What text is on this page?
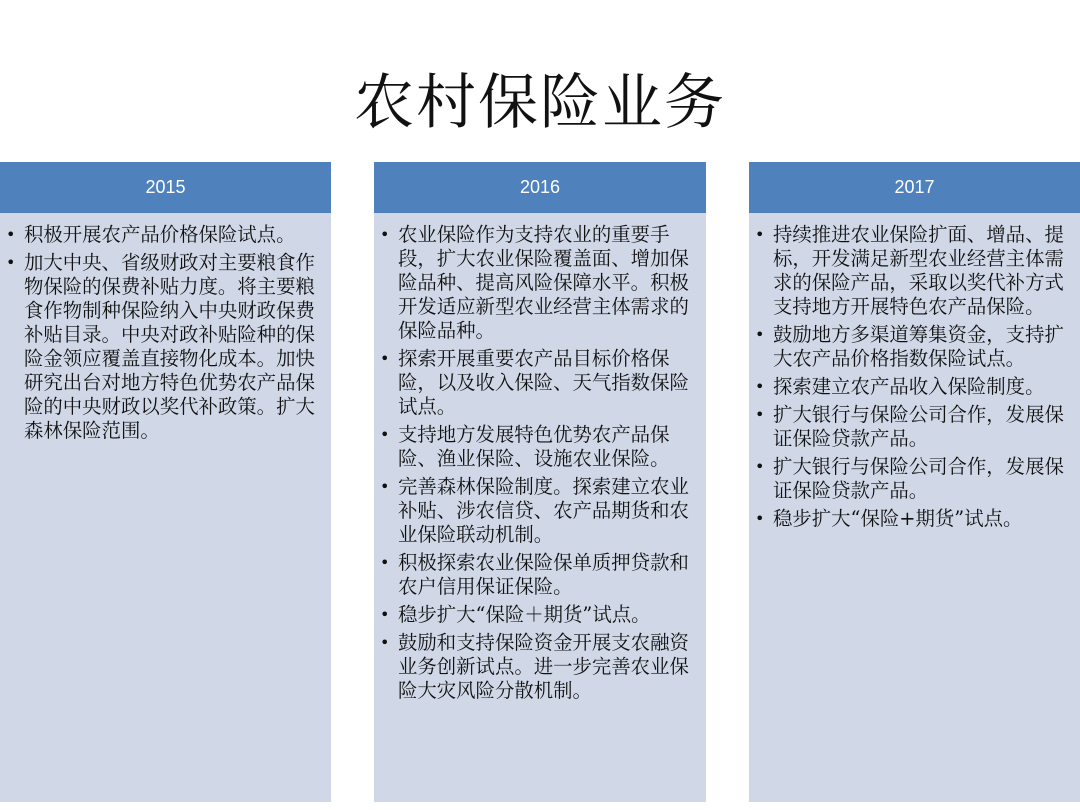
农村保险业务
2015
• 积极开展农产品价格保险试点。
• 加大中央、省级财政对主要粮食作物保险的保费补贴力度。将主要粮食作物制种保险纳入中央财政保费补贴目录。中央对政补贴险种的保险金领应覆盖直接物化成本。加快研究出台对地方特色优势农产品保险的中央财政以奖代补政策。扩大森林保险范围。
2016
• 农业保险作为支持农业的重要手段，扩大农业保险覆盖面、增加保险品种、提高风险保障水平。积极开发适应新型农业经营主体需求的保险品种。
• 探索开展重要农产品目标价格保险，以及收入保险、天气指数保险试点。
• 支持地方发展特色优势农产品保险、渔业保险、设施农业保险。
• 完善森林保险制度。探索建立农业补贴、涉农信贷、农产品期货和农业保险联动机制。
• 积极探索农业保险保单质押贷款和农户信用保证保险。
• 稳步扩大“保险＋期货”试点。
• 鼓励和支持保险资金开展支农融资业务创新试点。进一步完善农业保险大灾风险分散机制。
2017
• 持续推进农业保险扩面、增品、提标，开发满足新型农业经营主体需求的保险产品，采取以奖代补方式支持地方开展特色农产品保险。
• 鼓励地方多渠道筹集资金，支持扩大农产品价格指数保险试点。
• 探索建立农产品收入保险制度。
• 扩大银行与保险公司合作，发展保证保险贷款产品。
• 扩大银行与保险公司合作，发展保证保险贷款产品。
• 稳步扩大“保险+期货”试点。
